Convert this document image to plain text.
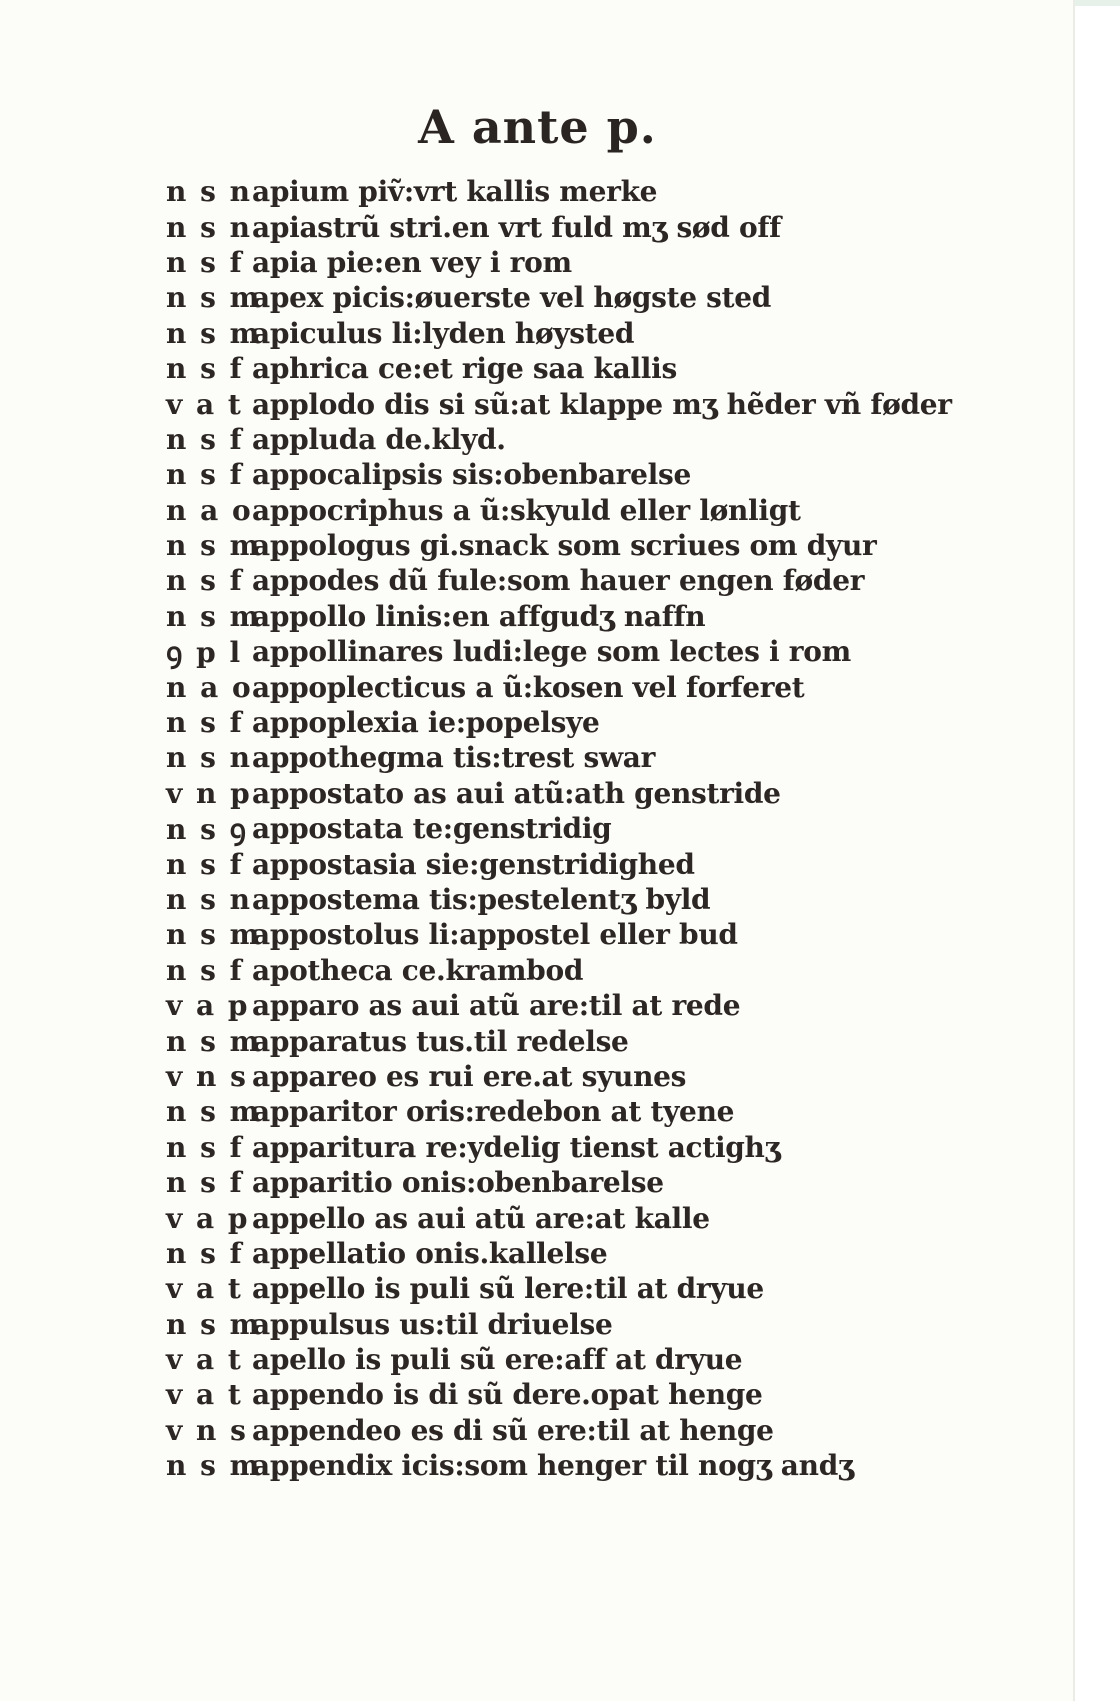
A ante p.
n s n apium piṽ:vrt kallis merke
n s n apiastrũ stri.en vrt fuld mʒ sød off
n s f apia pie:en vey i rom
n s m
apex picis:øuerste vel høgste sted
n s m
apiculus li:lyden høysted
n s f aphrica ce:et rige saa kallis
v a t applodo dis si sũ:at klappe mʒ hẽder vñ føder
n s f appluda de.klyd.
n s f appocalipsis sis:obenbarelse
n a o appocriphus a ũ:skyuld eller lønligt
n s m
appologus gi.snack som scriues om dyur
n s f appodes dũ fule:som hauer engen føder
n s m
appollo linis:en affgudʒ naffn
ꝯ p l appollinares ludi:lege som lectes i rom
n a o appoplecticus a ũ:kosen vel forferet
n s f appoplexia ie:popelsye
n s n appothegma tis:trest swar
v n p appostato as aui atũ:ath genstride
n s ꝯ appostata te:genstridig
n s f appostasia sie:genstridighed
n s n appostema tis:pestelentʒ byld
n s m
appostolus li:appostel eller bud
n s f apotheca ce.krambod
v a p apparo as aui atũ are:til at rede
n s m
apparatus tus.til redelse
v n s appareo es rui ere.at syunes
n s m
apparitor oris:redebon at tyene
n s f apparitura re:ydelig tienst actighʒ
n s f apparitio onis:obenbarelse
v a p appello as aui atũ are:at kalle
n s f appellatio onis.kallelse
v a t appello is puli sũ lere:til at dryue
n s m
appulsus us:til driuelse
v a t apello is puli sũ ere:aff at dryue
v a t appendo is di sũ dere.opat henge
v n s appendeo es di sũ ere:til at henge
n s m
appendix icis:som henger til nogʒ andʒ
